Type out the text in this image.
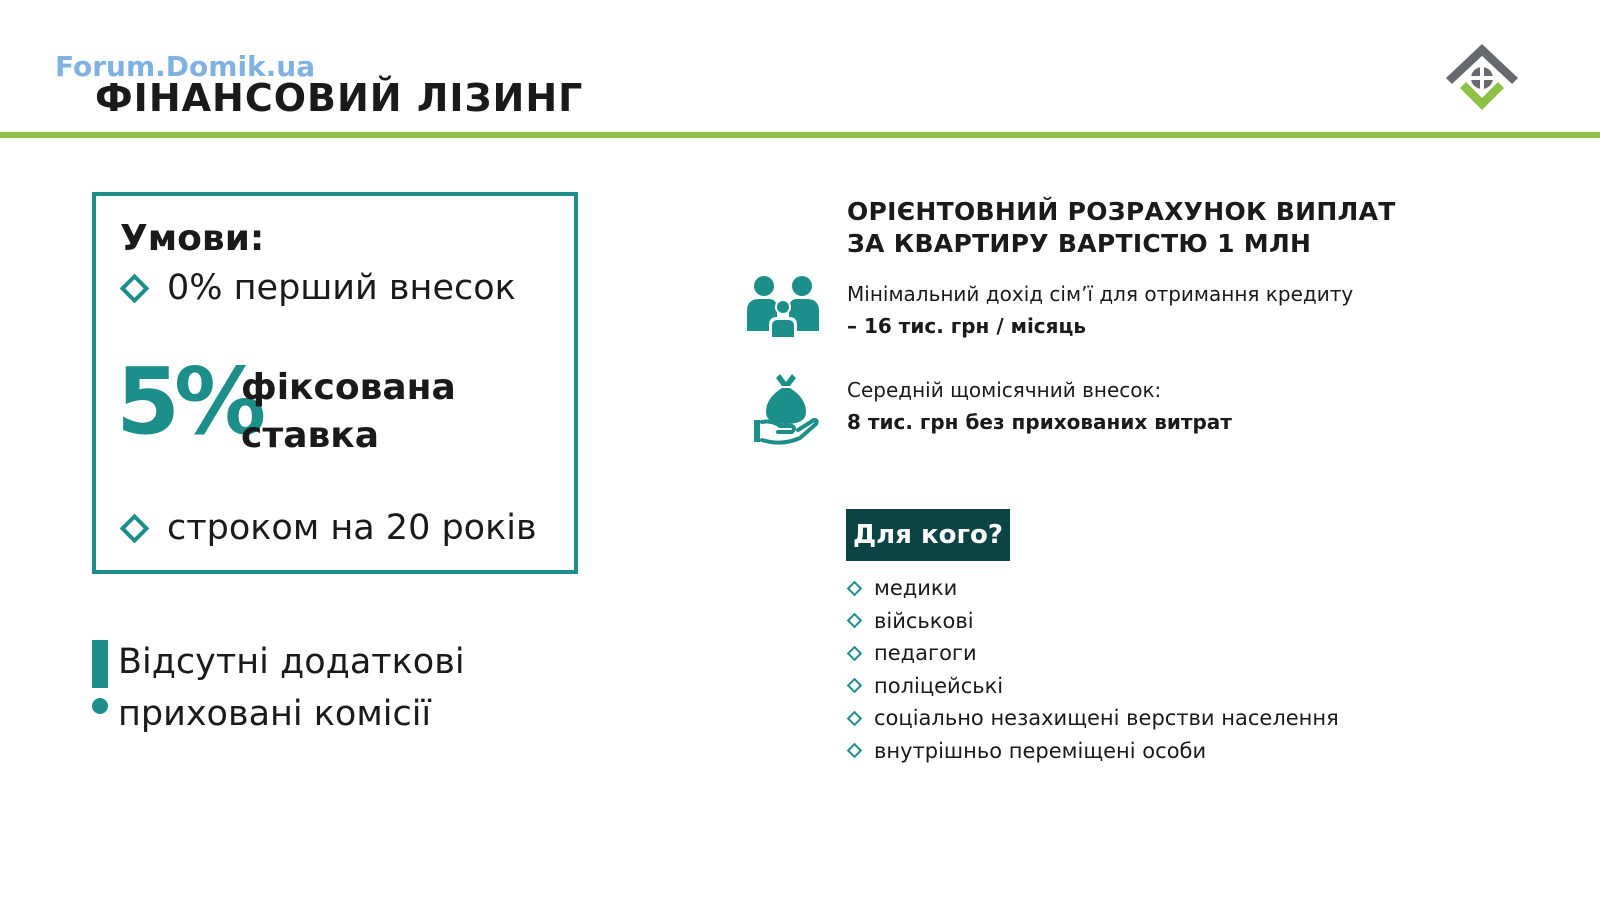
Forum.Domik.ua
ФІНАНСОВИЙ ЛІЗИНГ
Умови:
0% перший внесок
5%
фіксована
ставка
строком на 20 років
Відсутні додаткові
приховані комісії
ОРІЄНТОВНИЙ РОЗРАХУНОК ВИПЛАТ
ЗА КВАРТИРУ ВАРТІСТЮ 1 МЛН
Мінімальний дохід сім’ї для отримання кредиту
– 16 тис. грн / місяць
Середній щомісячний внесок:
8 тис. грн без прихованих витрат
Для кого?
медики
військові
педагоги
поліцейські
соціально незахищені верстви населення
внутрішньо переміщені особи
